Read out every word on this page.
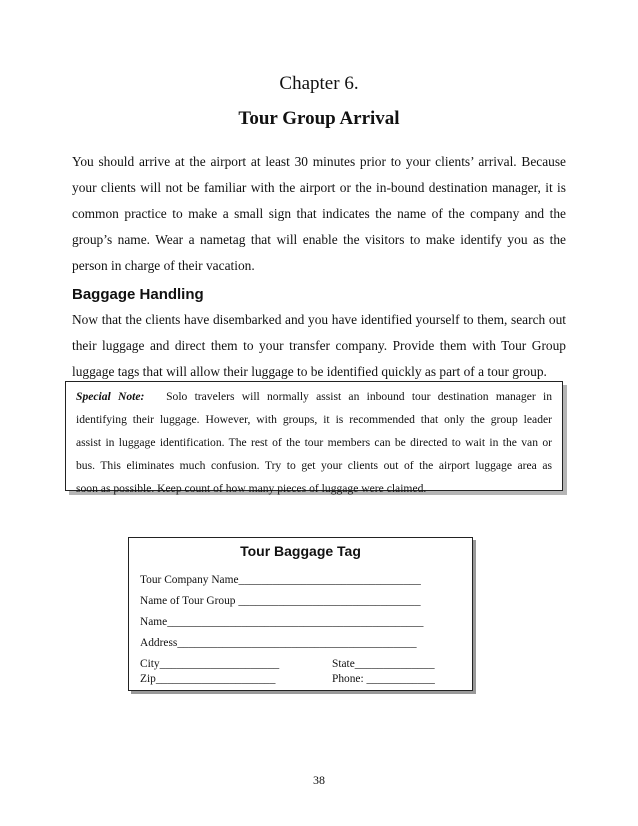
Chapter 6.
Tour Group Arrival

You should arrive at the airport at least 30 minutes prior to your clients’ arrival. Because
your clients will not be familiar with the airport or the in-bound destination manager, it is
common practice to make a small sign that indicates the name of the company and the
group’s name. Wear a nametag that will enable the visitors to make identify you as the
person in charge of their vacation.

Baggage Handling

Now that the clients have disembarked and you have identified yourself to them, search out
their luggage and direct them to your transfer company. Provide them with Tour Group
luggage tags that will allow their luggage to be identified quickly as part of a tour group.

Special Note: Solo travelers will normally assist an inbound tour destination manager in
identifying their luggage. However, with groups, it is recommended that only the group leader
assist in luggage identification. The rest of the tour members can be directed to wait in the van or
bus. This eliminates much confusion. Try to get your clients out of the airport luggage area as
soon as possible. Keep count of how many pieces of luggage were claimed.

Tour Baggage Tag
Tour Company Name________________________________
Name of Tour Group ________________________________
Name_____________________________________________
Address__________________________________________
City_____________________	State______________
Zip_____________________	Phone: ____________
38
